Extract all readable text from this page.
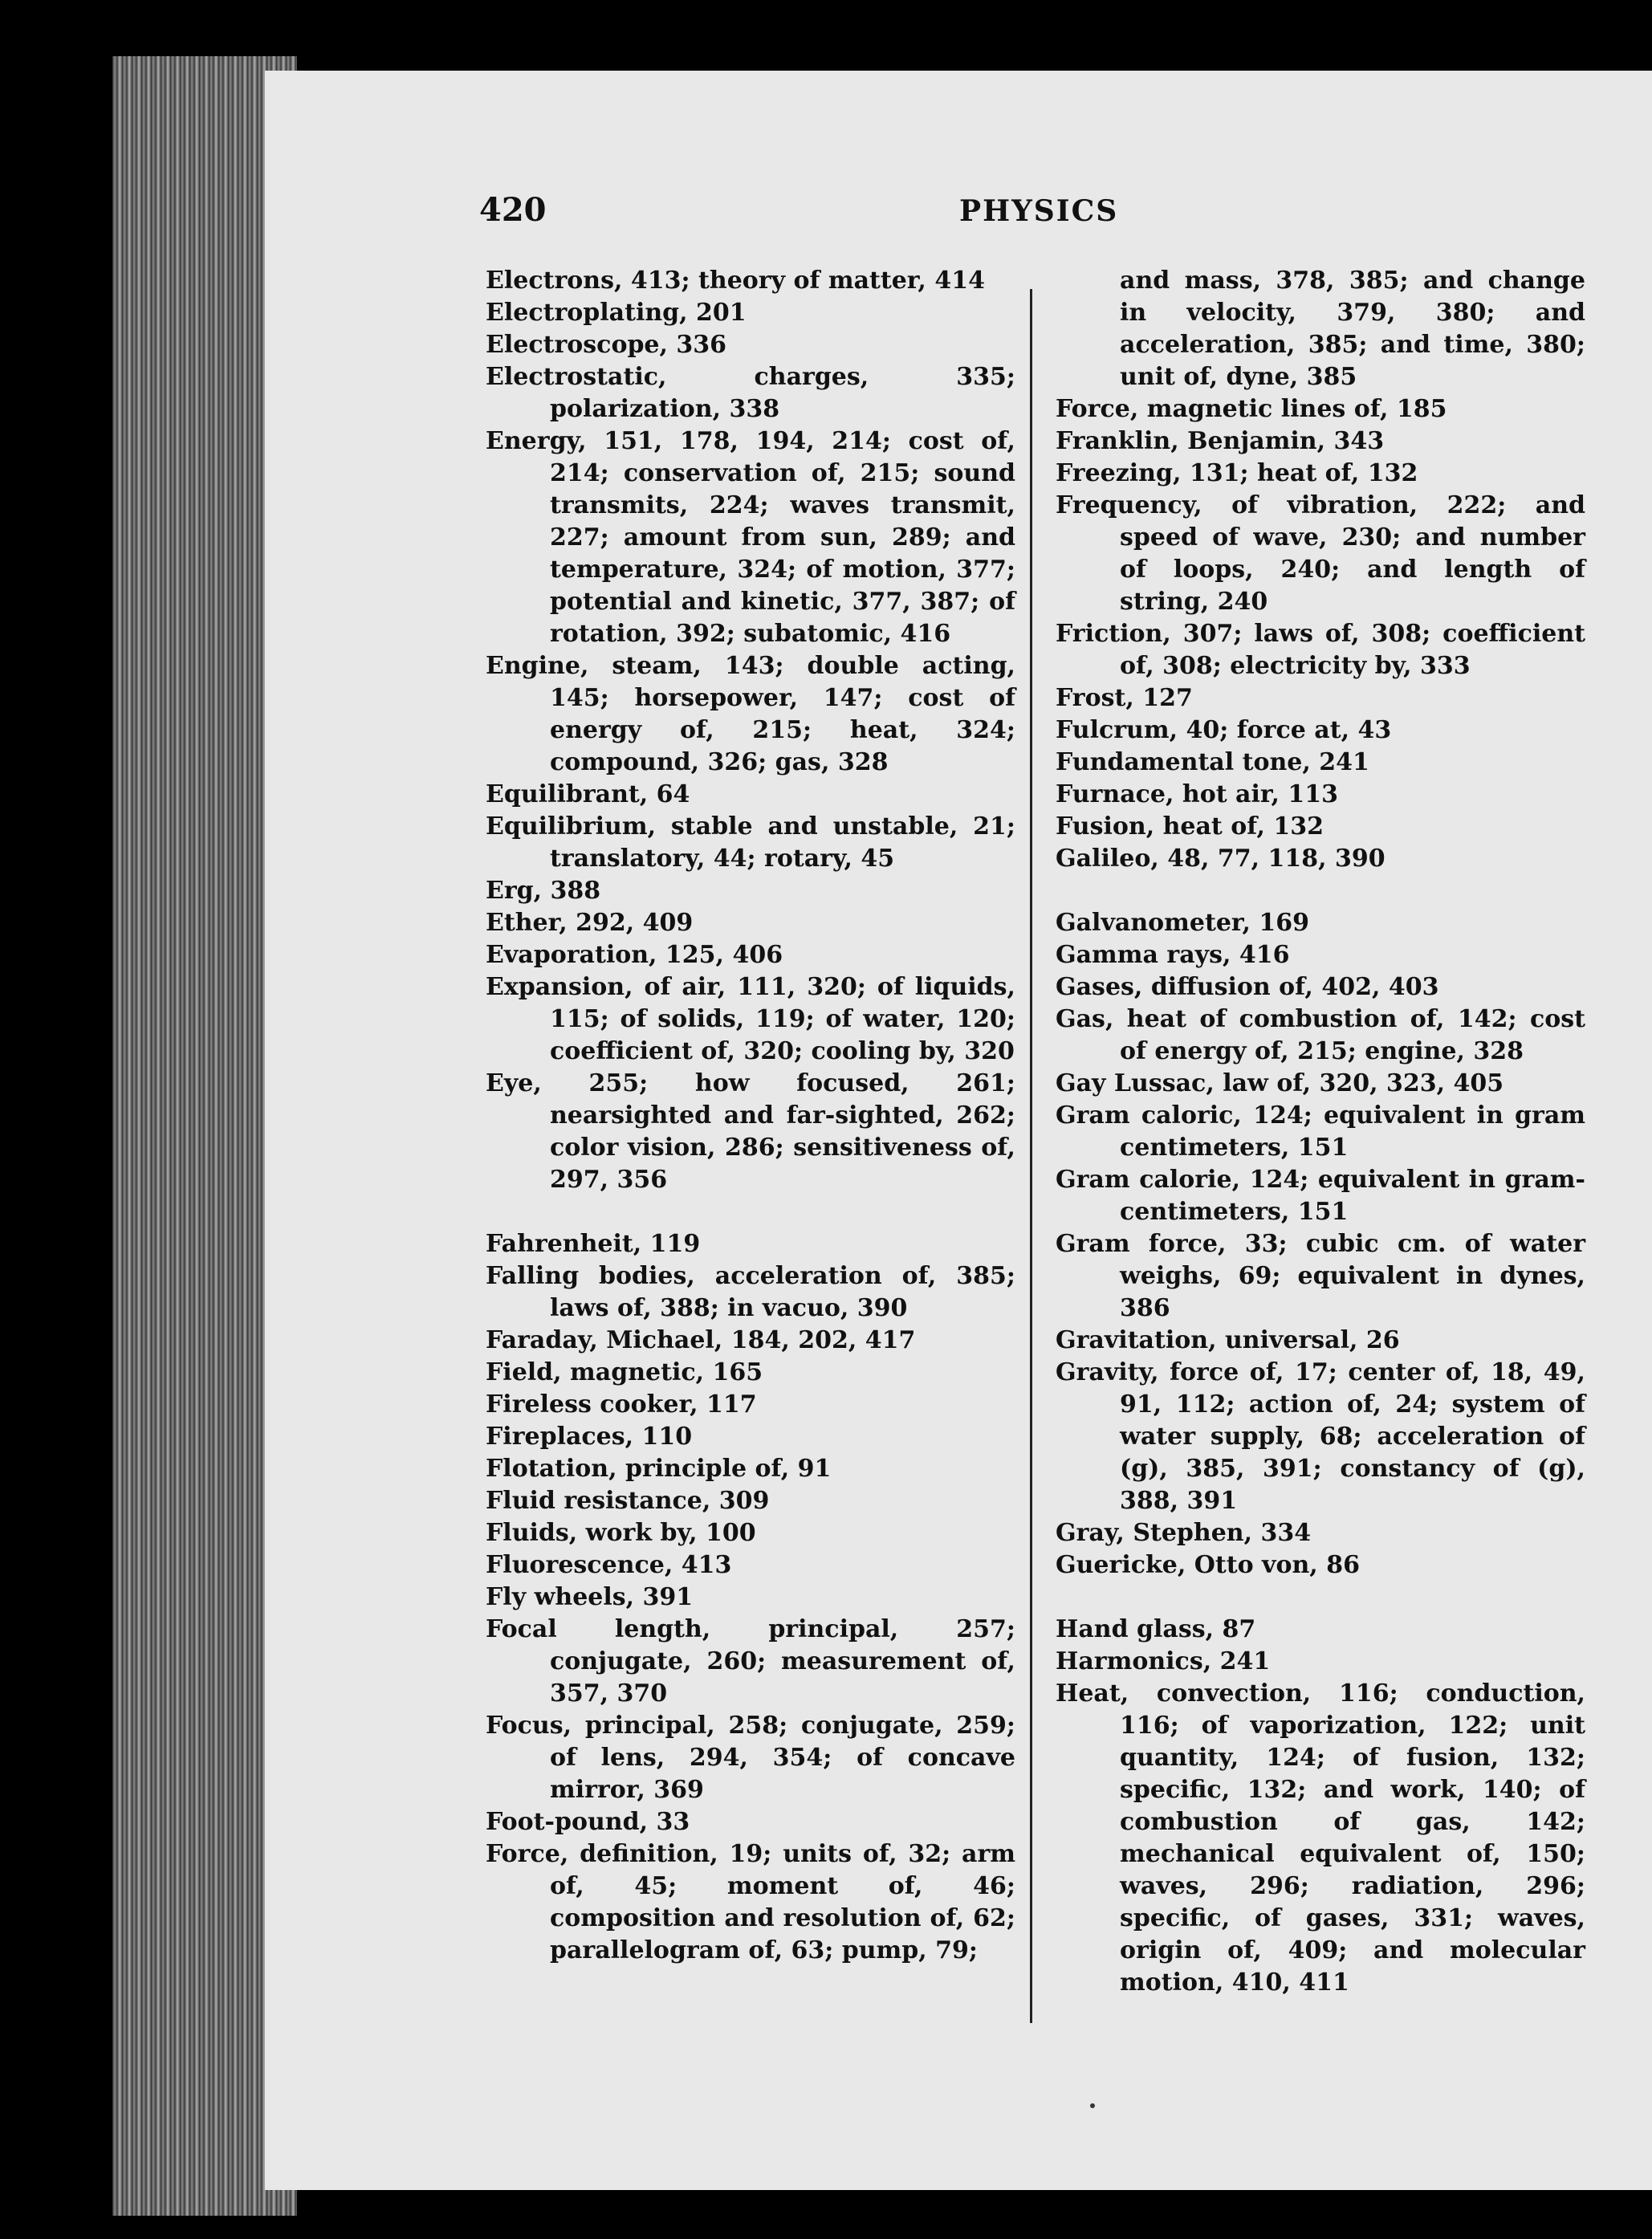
420	PHYSICS
Electrons, 413; theory of matter, 414
Electroplating, 201
Electroscope, 336
Electrostatic, charges, 335; polarization, 338
Energy, 151, 178, 194, 214; cost of, 214; conservation of, 215; sound transmits, 224; waves transmit, 227; amount from sun, 289; and temperature, 324; of motion, 377; potential and kinetic, 377, 387; of rotation, 392; subatomic, 416
Engine, steam, 143; double acting, 145; horsepower, 147; cost of energy of, 215; heat, 324; compound, 326; gas, 328
Equilibrant, 64
Equilibrium, stable and unstable, 21; translatory, 44; rotary, 45
Erg, 388
Ether, 292, 409
Evaporation, 125, 406
Expansion, of air, 111, 320; of liquids, 115; of solids, 119; of water, 120; coefficient of, 320; cooling by, 320
Eye, 255; how focused, 261; nearsighted and far-sighted, 262; color vision, 286; sensitiveness of, 297, 356
Fahrenheit, 119
Falling bodies, acceleration of, 385; laws of, 388; in vacuo, 390
Faraday, Michael, 184, 202, 417
Field, magnetic, 165
Fireless cooker, 117
Fireplaces, 110
Flotation, principle of, 91
Fluid resistance, 309
Fluids, work by, 100
Fluorescence, 413
Fly wheels, 391
Focal length, principal, 257; conjugate, 260; measurement of, 357, 370
Focus, principal, 258; conjugate, 259; of lens, 294, 354; of concave mirror, 369
Foot-pound, 33
Force, definition, 19; units of, 32; arm of, 45; moment of, 46; composition and resolution of, 62; parallelogram of, 63; pump, 79;
and mass, 378, 385; and change in velocity, 379, 380; and acceleration, 385; and time, 380; unit of, dyne, 385
Force, magnetic lines of, 185
Franklin, Benjamin, 343
Freezing, 131; heat of, 132
Frequency, of vibration, 222; and speed of wave, 230; and number of loops, 240; and length of string, 240
Friction, 307; laws of, 308; coefficient of, 308; electricity by, 333
Frost, 127
Fulcrum, 40; force at, 43
Fundamental tone, 241
Furnace, hot air, 113
Fusion, heat of, 132
Galileo, 48, 77, 118, 390
Galvanometer, 169
Gamma rays, 416
Gases, diffusion of, 402, 403
Gas, heat of combustion of, 142; cost of energy of, 215; engine, 328
Gay Lussac, law of, 320, 323, 405
Gram caloric, 124; equivalent in gram centimeters, 151
Gram calorie, 124; equivalent in gram-centimeters, 151
Gram force, 33; cubic cm. of water weighs, 69; equivalent in dynes, 386
Gravitation, universal, 26
Gravity, force of, 17; center of, 18, 49, 91, 112; action of, 24; system of water supply, 68; acceleration of (g), 385, 391; constancy of (g), 388, 391
Gray, Stephen, 334
Guericke, Otto von, 86
Hand glass, 87
Harmonics, 241
Heat, convection, 116; conduction, 116; of vaporization, 122; unit quantity, 124; of fusion, 132; specific, 132; and work, 140; of combustion of gas, 142; mechanical equivalent of, 150; waves, 296; radiation, 296; specific, of gases, 331; waves, origin of, 409; and molecular motion, 410, 411
